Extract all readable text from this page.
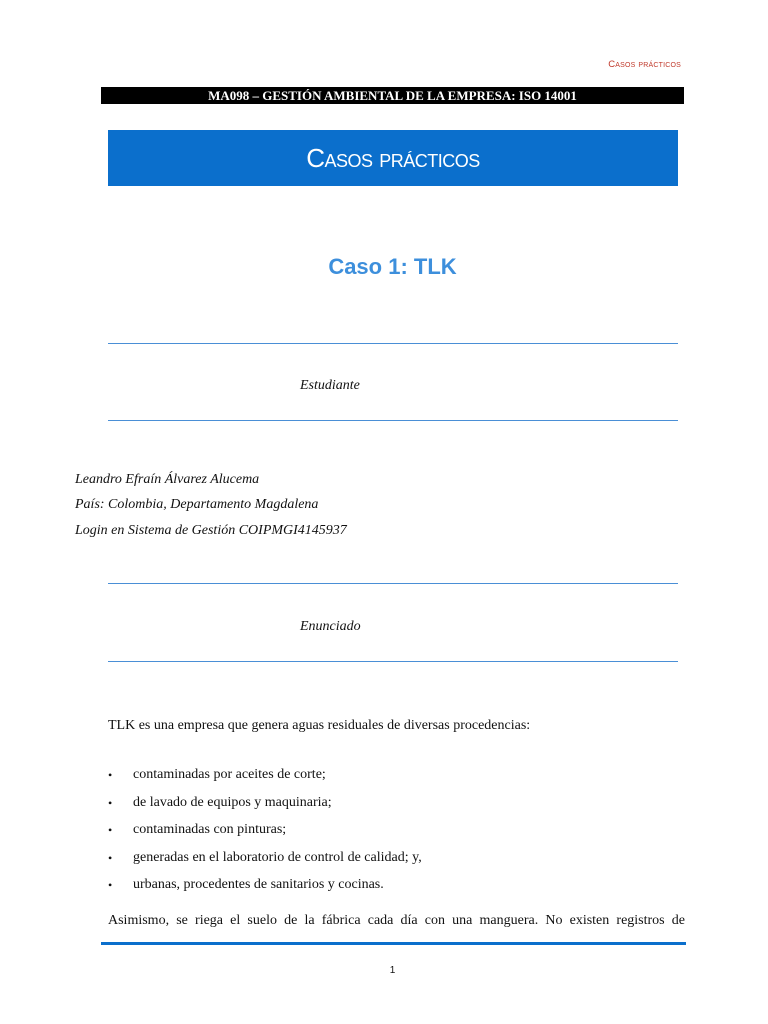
Casos prácticos
MA098 – GESTIÓN AMBIENTAL DE LA EMPRESA: ISO 14001
Casos prácticos
Caso 1: TLK
Estudiante
Leandro Efraín Álvarez Alucema
País: Colombia, Departamento Magdalena
Login en Sistema de Gestión COIPMGI4145937
Enunciado
TLK es una empresa que genera aguas residuales de diversas procedencias:
• contaminadas por aceites de corte;
• de lavado de equipos y maquinaria;
• contaminadas con pinturas;
• generadas en el laboratorio de control de calidad; y,
• urbanas, procedentes de sanitarios y cocinas.
Asimismo, se riega el suelo de la fábrica cada día con una manguera. No existen registros de
1
